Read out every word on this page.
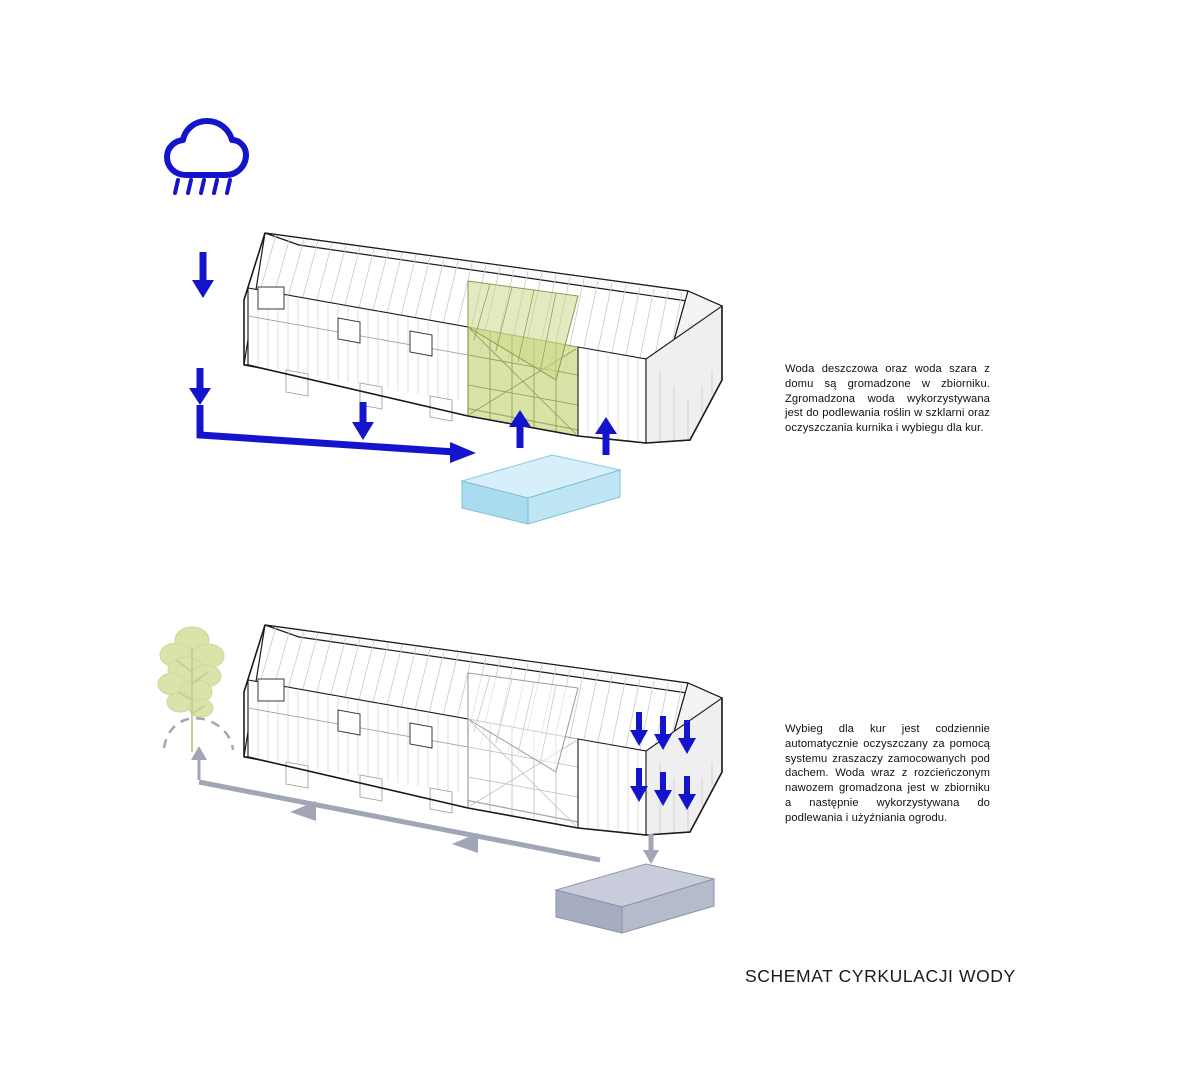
Woda deszczowa oraz woda szara z domu są gromadzone w zbiorniku. Zgromadzona woda wykorzystywana jest do podlewania roślin w szklarni oraz oczyszczania kurnika i wybiegu dla kur.
Wybieg dla kur jest codziennie automatycznie oczyszczany za pomocą systemu zraszaczy zamocowanych pod dachem. Woda wraz z rozcieńczonym nawozem gromadzona jest w zbiorniku a następnie wykorzystywana do podlewania i użyźniania ogrodu.
SCHEMAT CYRKULACJI WODY
